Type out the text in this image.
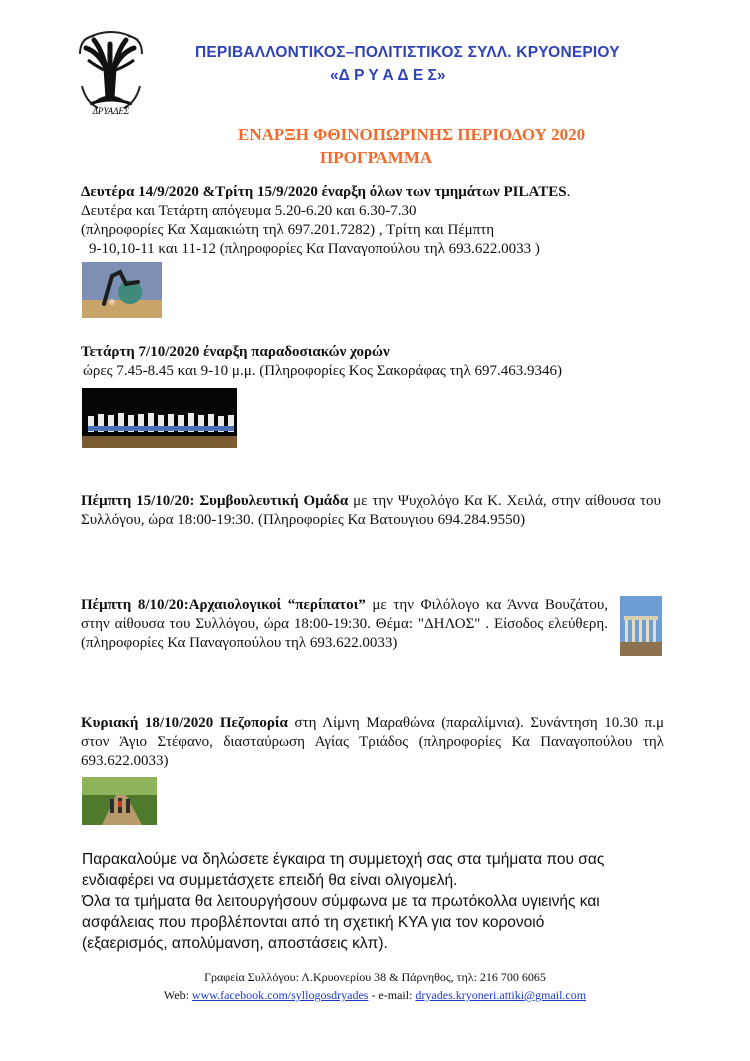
ΔΡΥΑΔΕΣ
ΠΕΡΙΒΑΛΛΟΝΤΙΚΟΣ–ΠΟΛΙΤΙΣΤΙΚΟΣ ΣΥΛΛ. ΚΡΥΟΝΕΡΙΟΥ
«Δ Ρ Υ Α Δ Ε Σ»
ΕΝΑΡΞΗ ΦΘΙΝΟΠΩΡΙΝΗΣ ΠΕΡΙΟΔΟΥ 2020
ΠΡΟΓΡΑΜΜΑ
Δευτέρα 14/9/2020 &Τρίτη 15/9/2020 έναρξη όλων των τμημάτων PILATES.
Δευτέρα και Τετάρτη απόγευμα 5.20-6.20 και 6.30-7.30
(πληροφορίες Κα Χαμακιώτη τηλ 697.201.7282) , Τρίτη και Πέμπτη
9-10,10-11 και 11-12 (πληροφορίες Κα Παναγοπούλου τηλ 693.622.0033 )
Τετάρτη 7/10/2020 έναρξη παραδοσιακών χορών
ώρες 7.45-8.45 και 9-10 μ.μ. (Πληροφορίες Κος Σακοράφας τηλ 697.463.9346)
Πέμπτη 15/10/20: Συμβουλευτική Ομάδα με την Ψυχολόγο Κα Κ. Χειλά, στην αίθουσα του Συλλόγου, ώρα 18:00-19:30. (Πληροφορίες Κα Βατουγιου 694.284.9550)
Πέμπτη 8/10/20:Αρχαιολογικοί “περίπατοι” με την Φιλόλογο κα Άννα Βουζάτου, στην αίθουσα του Συλλόγου, ώρα 18:00-19:30. Θέμα: "ΔΗΛΟΣ" . Είσοδος ελεύθερη. (πληροφορίες Κα Παναγοπούλου τηλ 693.622.0033)
Κυριακή 18/10/2020 Πεζοπορία στη Λίμνη Μαραθώνα (παραλίμνια). Συνάντηση 10.30 π.μ στον Άγιο Στέφανο, διασταύρωση Αγίας Τριάδος (πληροφορίες Κα Παναγοπούλου τηλ 693.622.0033)
Παρακαλούμε να δηλώσετε έγκαιρα τη συμμετοχή σας στα τμήματα που σας
ενδιαφέρει να συμμετάσχετε επειδή θα είναι ολιγομελή.
Όλα τα τμήματα θα λειτουργήσουν σύμφωνα με τα πρωτόκολλα υγιεινής και
ασφάλειας που προβλέπονται από τη σχετική ΚΥΑ για τον κορονοιό
(εξαερισμός, απολύμανση, αποστάσεις κλπ).
Γραφεία Συλλόγου: Λ.Κρυονερίου 38 & Πάρνηθος, τηλ: 216 700 6065
Web: www.facebook.com/syllogosdryades - e-mail: dryades.kryoneri.attiki@gmail.com
